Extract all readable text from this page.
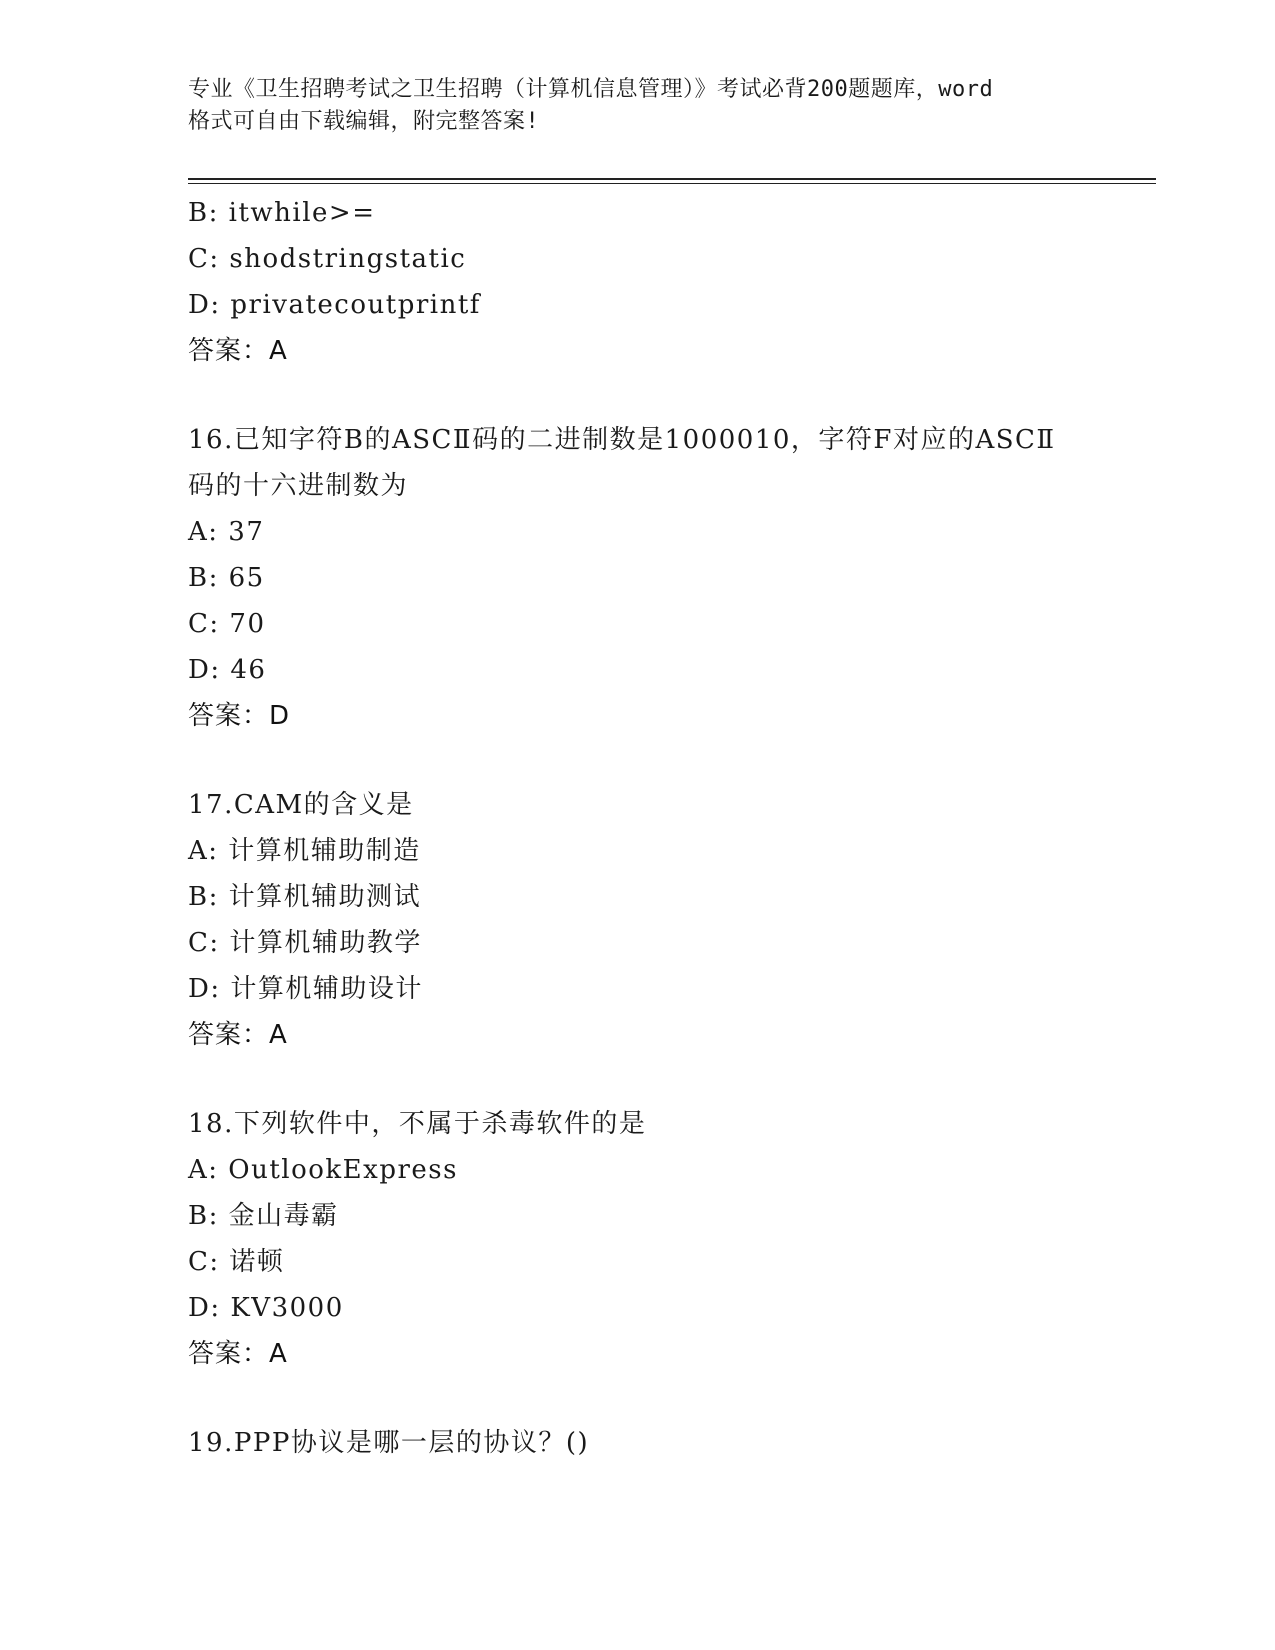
专业《卫生招聘考试之卫生招聘（计算机信息管理）》考试必背200题题库，word
格式可自由下载编辑，附完整答案!
B: itwhile>=
C: shodstringstatic
D: privatecoutprintf
答案：A
16.已知字符B的ASCⅡ码的二进制数是1000010，字符F对应的ASCⅡ
码的十六进制数为
A: 37
B: 65
C: 70
D: 46
答案：D
17.CAM的含义是
A: 计算机辅助制造
B: 计算机辅助测试
C: 计算机辅助教学
D: 计算机辅助设计
答案：A
18.下列软件中，不属于杀毒软件的是
A: OutlookExpress
B: 金山毒霸
C: 诺顿
D: KV3000
答案：A
19.PPP协议是哪一层的协议？()
